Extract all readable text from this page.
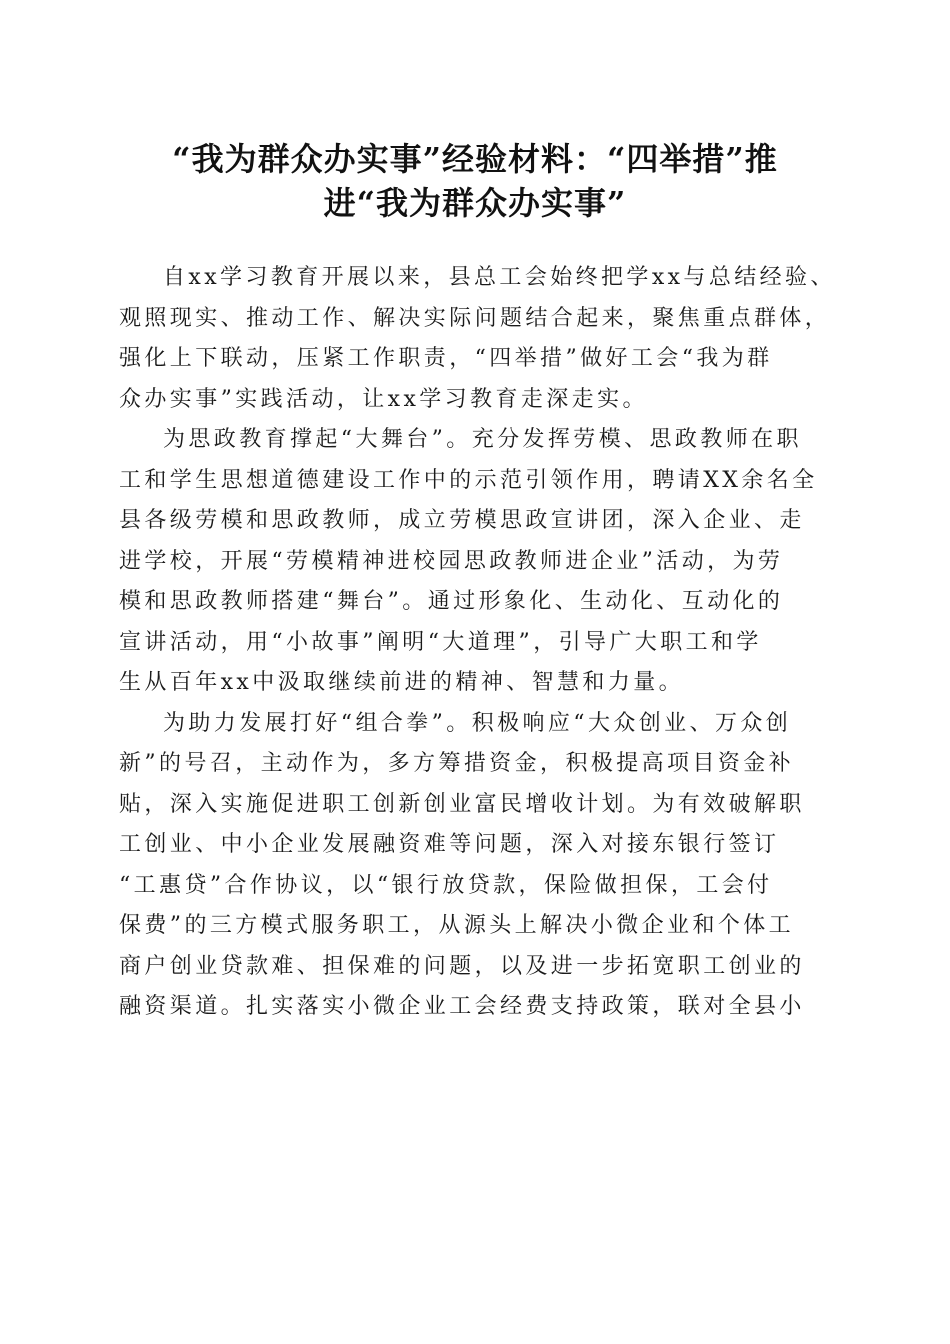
“我为群众办实事”经验材料：“四举措”推
进“我为群众办实事”

自xx学习教育开展以来，县总工会始终把学xx与总结经验、
观照现实、推动工作、解决实际问题结合起来，聚焦重点群体，
强化上下联动，压紧工作职责，“四举措”做好工会“我为群
众办实事”实践活动，让xx学习教育走深走实。

为思政教育撑起“大舞台”。充分发挥劳模、思政教师在职
工和学生思想道德建设工作中的示范引领作用，聘请XX余名全
县各级劳模和思政教师，成立劳模思政宣讲团，深入企业、走
进学校，开展“劳模精神进校园思政教师进企业”活动，为劳
模和思政教师搭建“舞台”。通过形象化、生动化、互动化的
宣讲活动，用“小故事”阐明“大道理”，引导广大职工和学
生从百年xx中汲取继续前进的精神、智慧和力量。

为助力发展打好“组合拳”。积极响应“大众创业、万众创
新”的号召，主动作为，多方筹措资金，积极提高项目资金补
贴，深入实施促进职工创新创业富民增收计划。为有效破解职
工创业、中小企业发展融资难等问题，深入对接东银行签订
“工惠贷”合作协议，以“银行放贷款，保险做担保，工会付
保费”的三方模式服务职工，从源头上解决小微企业和个体工
商户创业贷款难、担保难的问题，以及进一步拓宽职工创业的
融资渠道。扎实落实小微企业工会经费支持政策，联对全县小
